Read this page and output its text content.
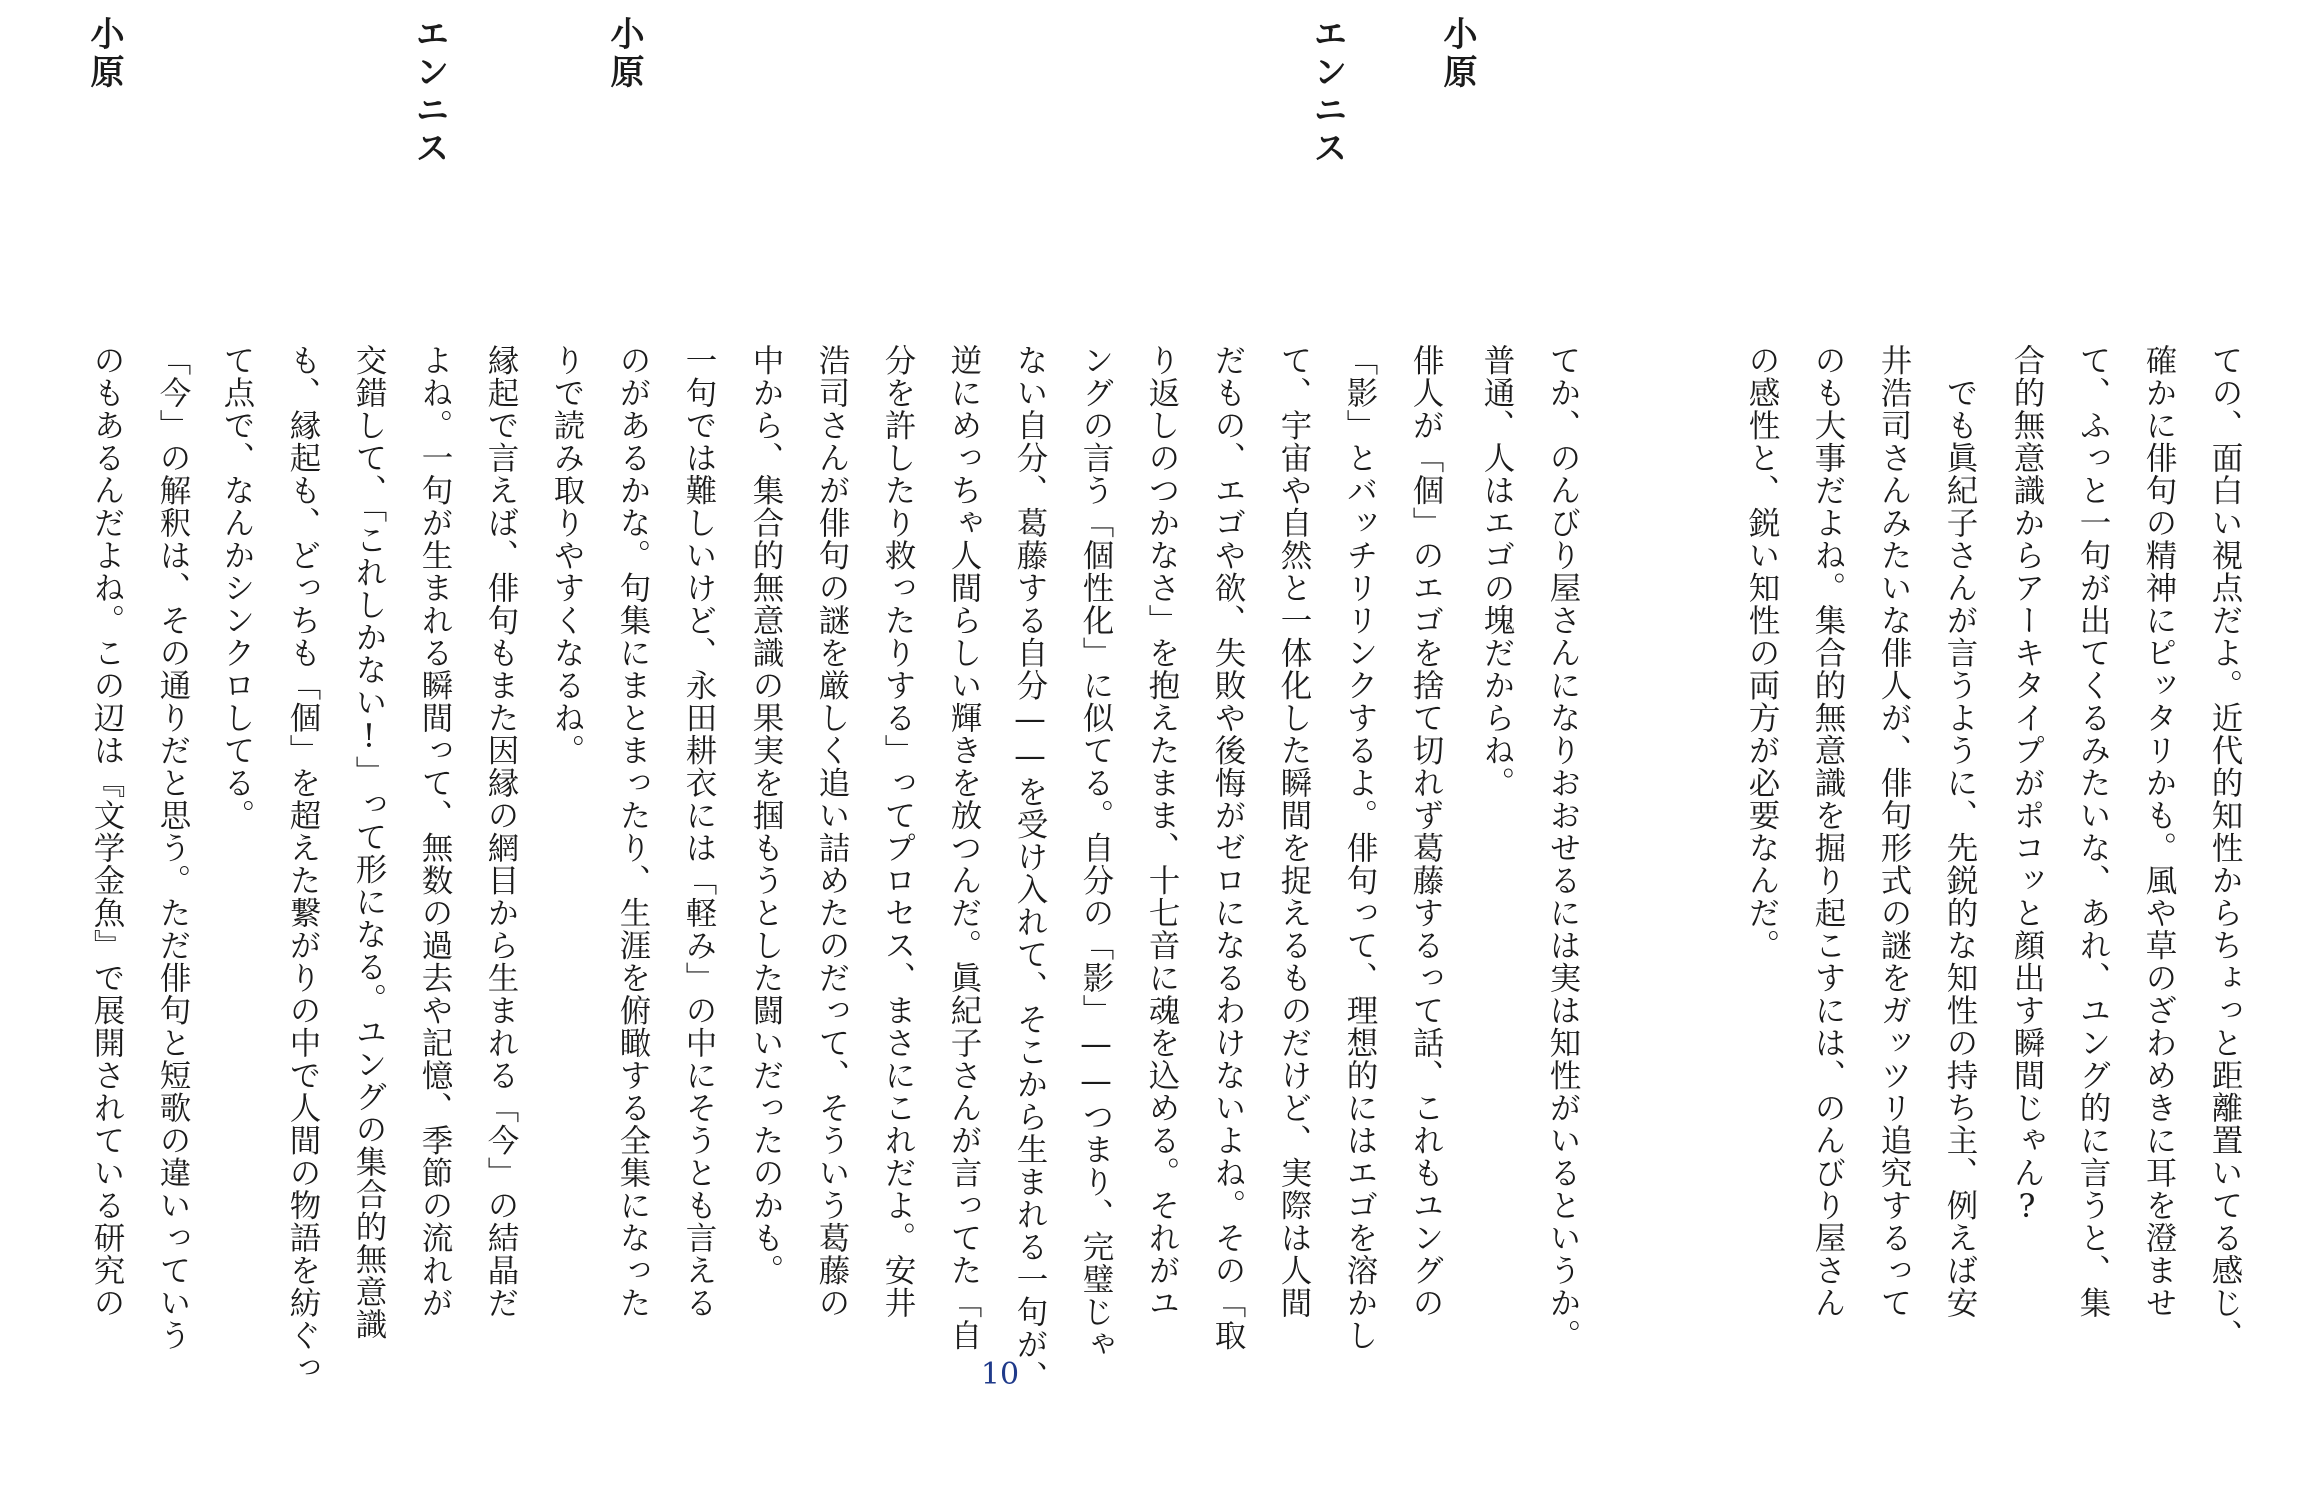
ての、面白い視点だよ。近代的知性からちょっと距離置いてる感じ、
確かに俳句の精神にピッタリかも。風や草のざわめきに耳を澄ませ
て、ふっと一句が出てくるみたいな、あれ、ユング的に言うと、集
合的無意識からアーキタイプがポコッと顔出す瞬間じゃん?

　でも眞紀子さんが言うように、先鋭的な知性の持ち主、例えば安
井浩司さんみたいな俳人が、俳句形式の謎をガッツリ追究するって
のも大事だよね。集合的無意識を掘り起こすには、のんびり屋さん
の感性と、鋭い知性の両方が必要なんだ。

小原

てか、のんびり屋さんになりおおせるには実は知性がいるというか。
普通、人はエゴの塊だからね。

エンニス

俳人が「個」のエゴを捨て切れず葛藤するって話、これもユングの
「影」とバッチリリンクするよ。俳句って、理想的にはエゴを溶かし
て、宇宙や自然と一体化した瞬間を捉えるものだけど、実際は人間
だもの、エゴや欲、失敗や後悔がゼロになるわけないよね。その「取
り返しのつかなさ」を抱えたまま、十七音に魂を込める。それがユ
ングの言う「個性化」に似てる。自分の「影」——つまり、完璧じゃ
ない自分、葛藤する自分——を受け入れて、そこから生まれる一句が、
逆にめっちゃ人間らしい輝きを放つんだ。眞紀子さんが言ってた「自
分を許したり救ったりする」ってプロセス、まさにこれだよ。安井
浩司さんが俳句の謎を厳しく追い詰めたのだって、そういう葛藤の
中から、集合的無意識の果実を掴もうとした闘いだったのかも。

小原

一句では難しいけど、永田耕衣には「軽み」の中にそうとも言える
のがあるかな。句集にまとまったり、生涯を俯瞰する全集になった
りで読み取りやすくなるね。

エンニス

縁起で言えば、俳句もまた因縁の網目から生まれる「今」の結晶だ
よね。一句が生まれる瞬間って、無数の過去や記憶、季節の流れが
交錯して、「これしかない!」って形になる。ユングの集合的無意識
も、縁起も、どっちも「個」を超えた繋がりの中で人間の物語を紡ぐっ
て点で、なんかシンクロしてる。

小原

「今」の解釈は、その通りだと思う。ただ俳句と短歌の違いっていう
のもあるんだよね。この辺は『文学金魚』で展開されている研究の

10
